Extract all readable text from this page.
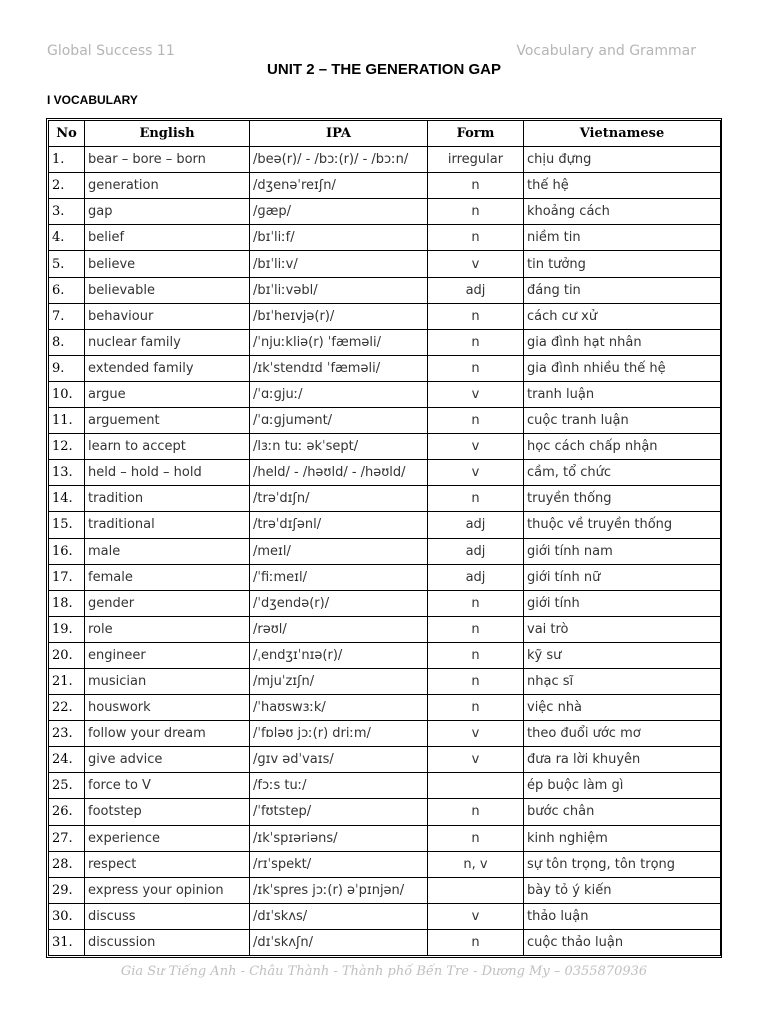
Global Success 11	Vocabulary and Grammar
UNIT 2 – THE GENERATION GAP
I VOCABULARY
No	English	IPA	Form	Vietnamese
1.	bear – bore – born	/beə(r)/ - /bɔː(r)/ - /bɔːn/	irregular	chịu đựng
2.	generation	/dʒenəˈreɪʃn/	n	thế hệ
3.	gap	/ɡæp/	n	khoảng cách
4.	belief	/bɪˈliːf/	n	niềm tin
5.	believe	/bɪˈliːv/	v	tin tưởng
6.	believable	/bɪˈliːvəbl/	adj	đáng tin
7.	behaviour	/bɪˈheɪvjə(r)/	n	cách cư xử
8.	nuclear family	/ˈnjuːkliə(r) ˈfæməli/	n	gia đình hạt nhân
9.	extended family	/ɪkˈstendɪd ˈfæməli/	n	gia đình nhiều thế hệ
10.	argue	/ˈɑːɡjuː/	v	tranh luận
11.	arguement	/ˈɑːɡjumənt/	n	cuộc tranh luận
12.	learn to accept	/lɜːn tuː əkˈsept/	v	học cách chấp nhận
13.	held – hold – hold	/held/ - /həʊld/ - /həʊld/	v	cầm, tổ chức
14.	tradition	/trəˈdɪʃn/	n	truyền thống
15.	traditional	/trəˈdɪʃənl/	adj	thuộc về truyền thống
16.	male	/meɪl/	adj	giới tính nam
17.	female	/ˈfiːmeɪl/	adj	giới tính nữ
18.	gender	/ˈdʒendə(r)/	n	giới tính
19.	role	/rəʊl/	n	vai trò
20.	engineer	/ˌendʒɪˈnɪə(r)/	n	kỹ sư
21.	musician	/mjuˈzɪʃn/	n	nhạc sĩ
22.	houswork	/ˈhaʊswɜːk/	n	việc nhà
23.	follow your dream	/ˈfɒləʊ jɔː(r) driːm/	v	theo đuổi ước mơ
24.	give advice	/ɡɪv ədˈvaɪs/	v	đưa ra lời khuyên
25.	force to V	/fɔːs tuː/		ép buộc làm gì
26.	footstep	/ˈfʊtstep/	n	bước chân
27.	experience	/ɪkˈspɪəriəns/	n	kinh nghiệm
28.	respect	/rɪˈspekt/	n, v	sự tôn trọng, tôn trọng
29.	express your opinion	/ɪkˈspres jɔː(r) əˈpɪnjən/		bày tỏ ý kiến
30.	discuss	/dɪˈskʌs/	v	thảo luận
31.	discussion	/dɪˈskʌʃn/	n	cuộc thảo luận
Gia Sư Tiếng Anh - Châu Thành - Thành phố Bến Tre - Dương My – 0355870936
